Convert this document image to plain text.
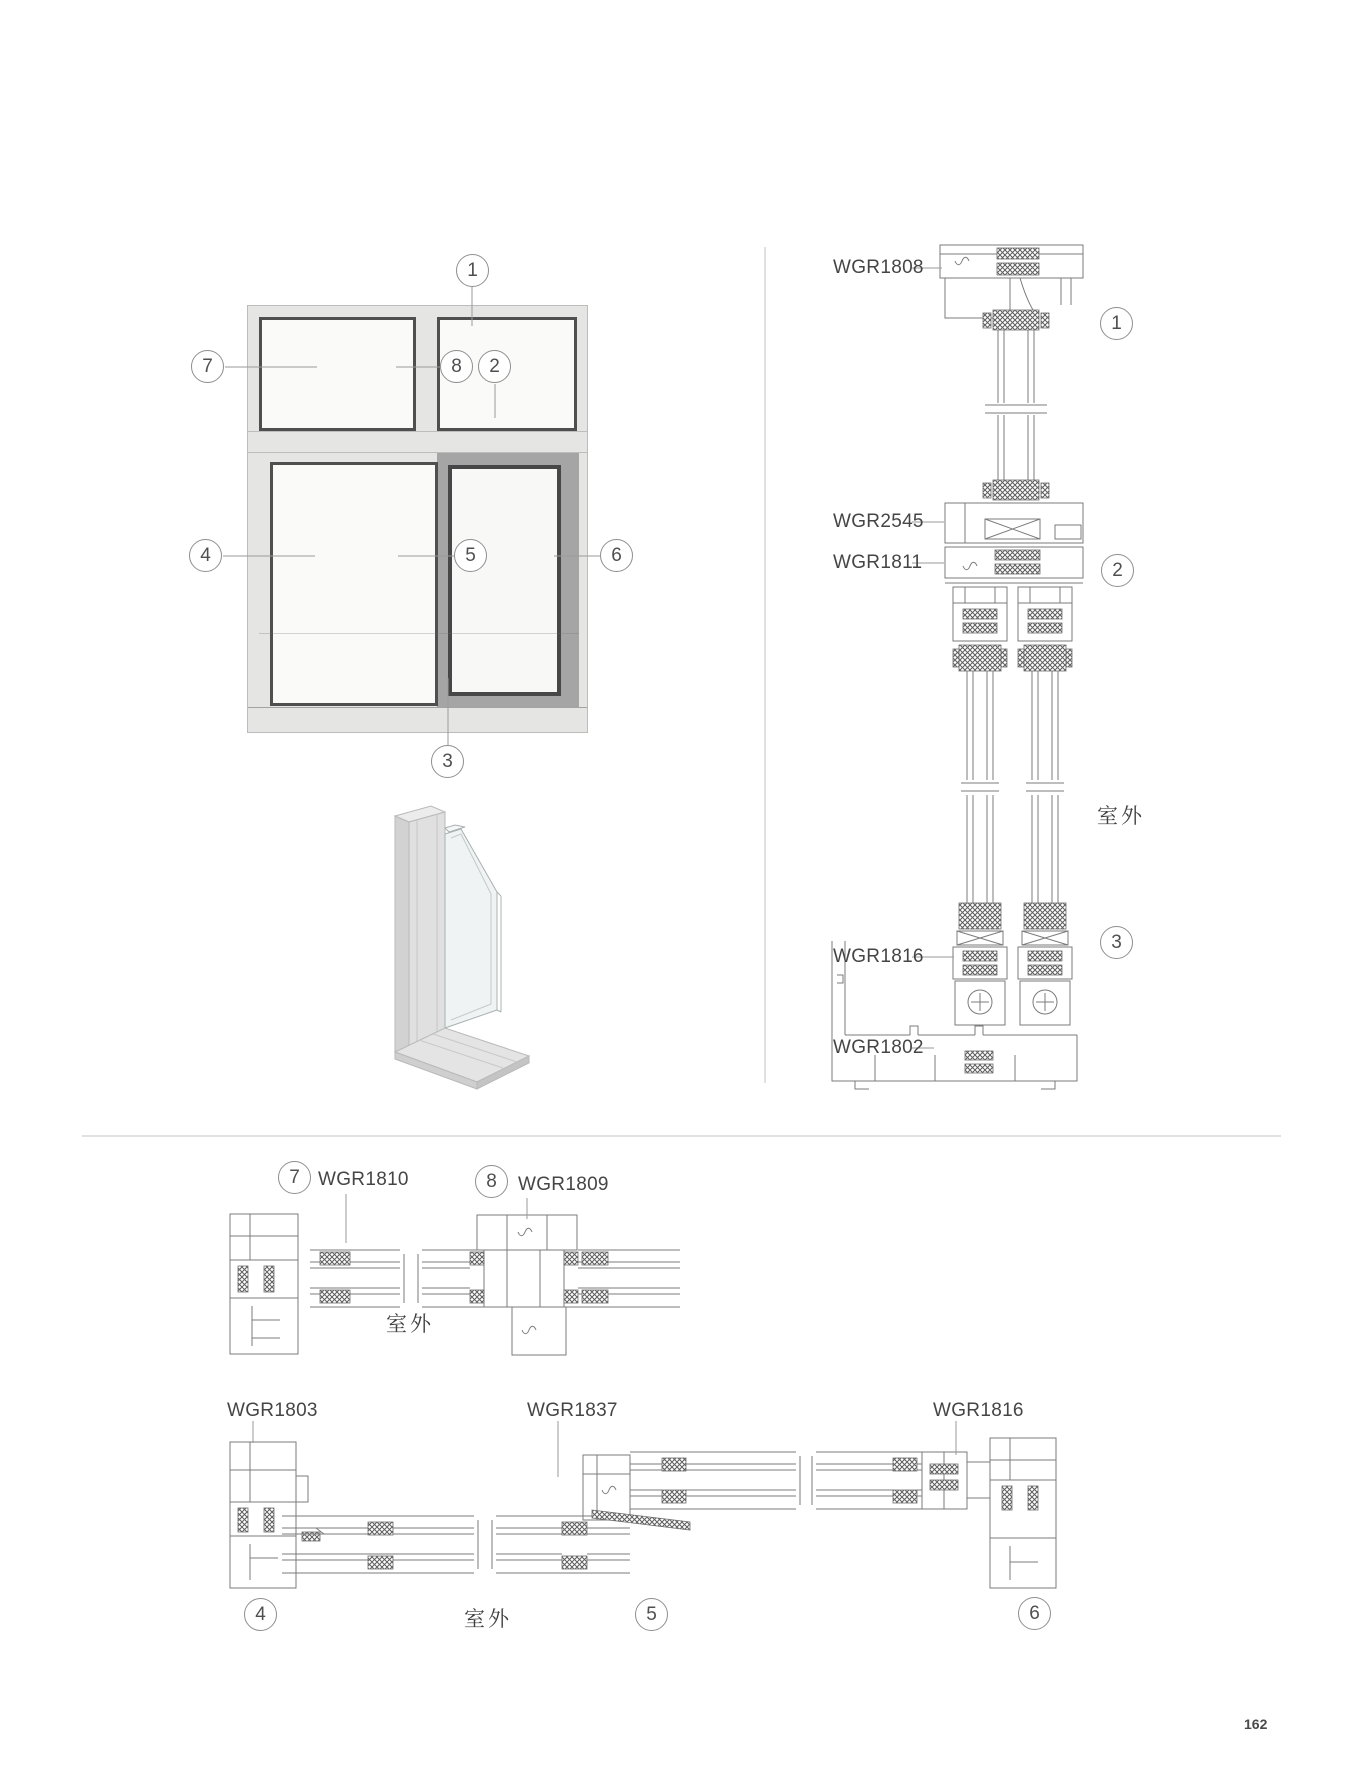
1
2
3
4	5	6
7	8
WGR1808
WGR2545
WGR1811
WGR1816
WGR1802
1
2
3
室外
7 WGR1810	8	WGR1809
室外
WGR1803	WGR1837	WGR1816
4	5	6
室外
162
